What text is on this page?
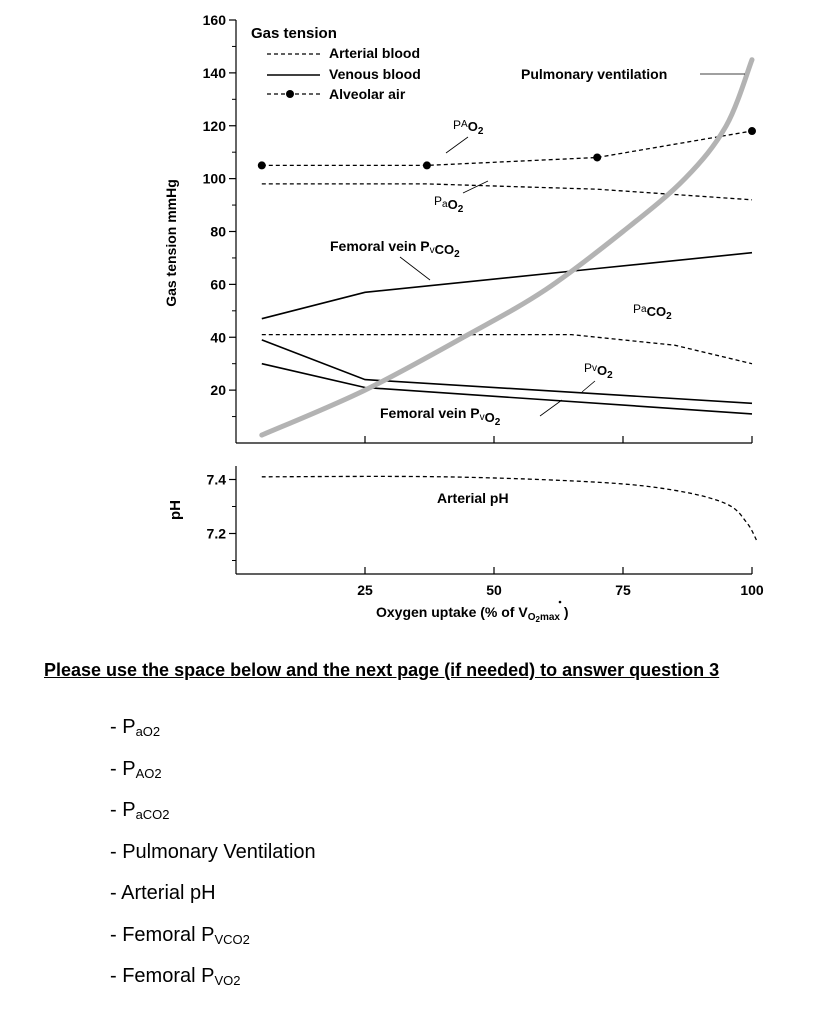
20
40
60
80
100
120
140
160
Gas tension mmHg
Gas tension
Arterial blood
Venous blood
Alveolar air
$PAO_2$
PaO$_2$
Femoral vein PvCO$_2$
PaCO$_2$
PvO$_2$
Femoral vein PvO$_2$
Pulmonary ventilation
7.2
7.4
25	50	75	100
pH
Arterial pH
Oxygen uptake (% of $V_O2\max$ )
Please use the space below and the next page (if needed) to answer question 3
- $P_{aO2}$
- $P_{AO2}$
- $P_{aCO2}$
- Pulmonary Ventilation
- Arterial pH
- Femoral $P_{VCO2}$
- Femoral $P_{VO2}$
